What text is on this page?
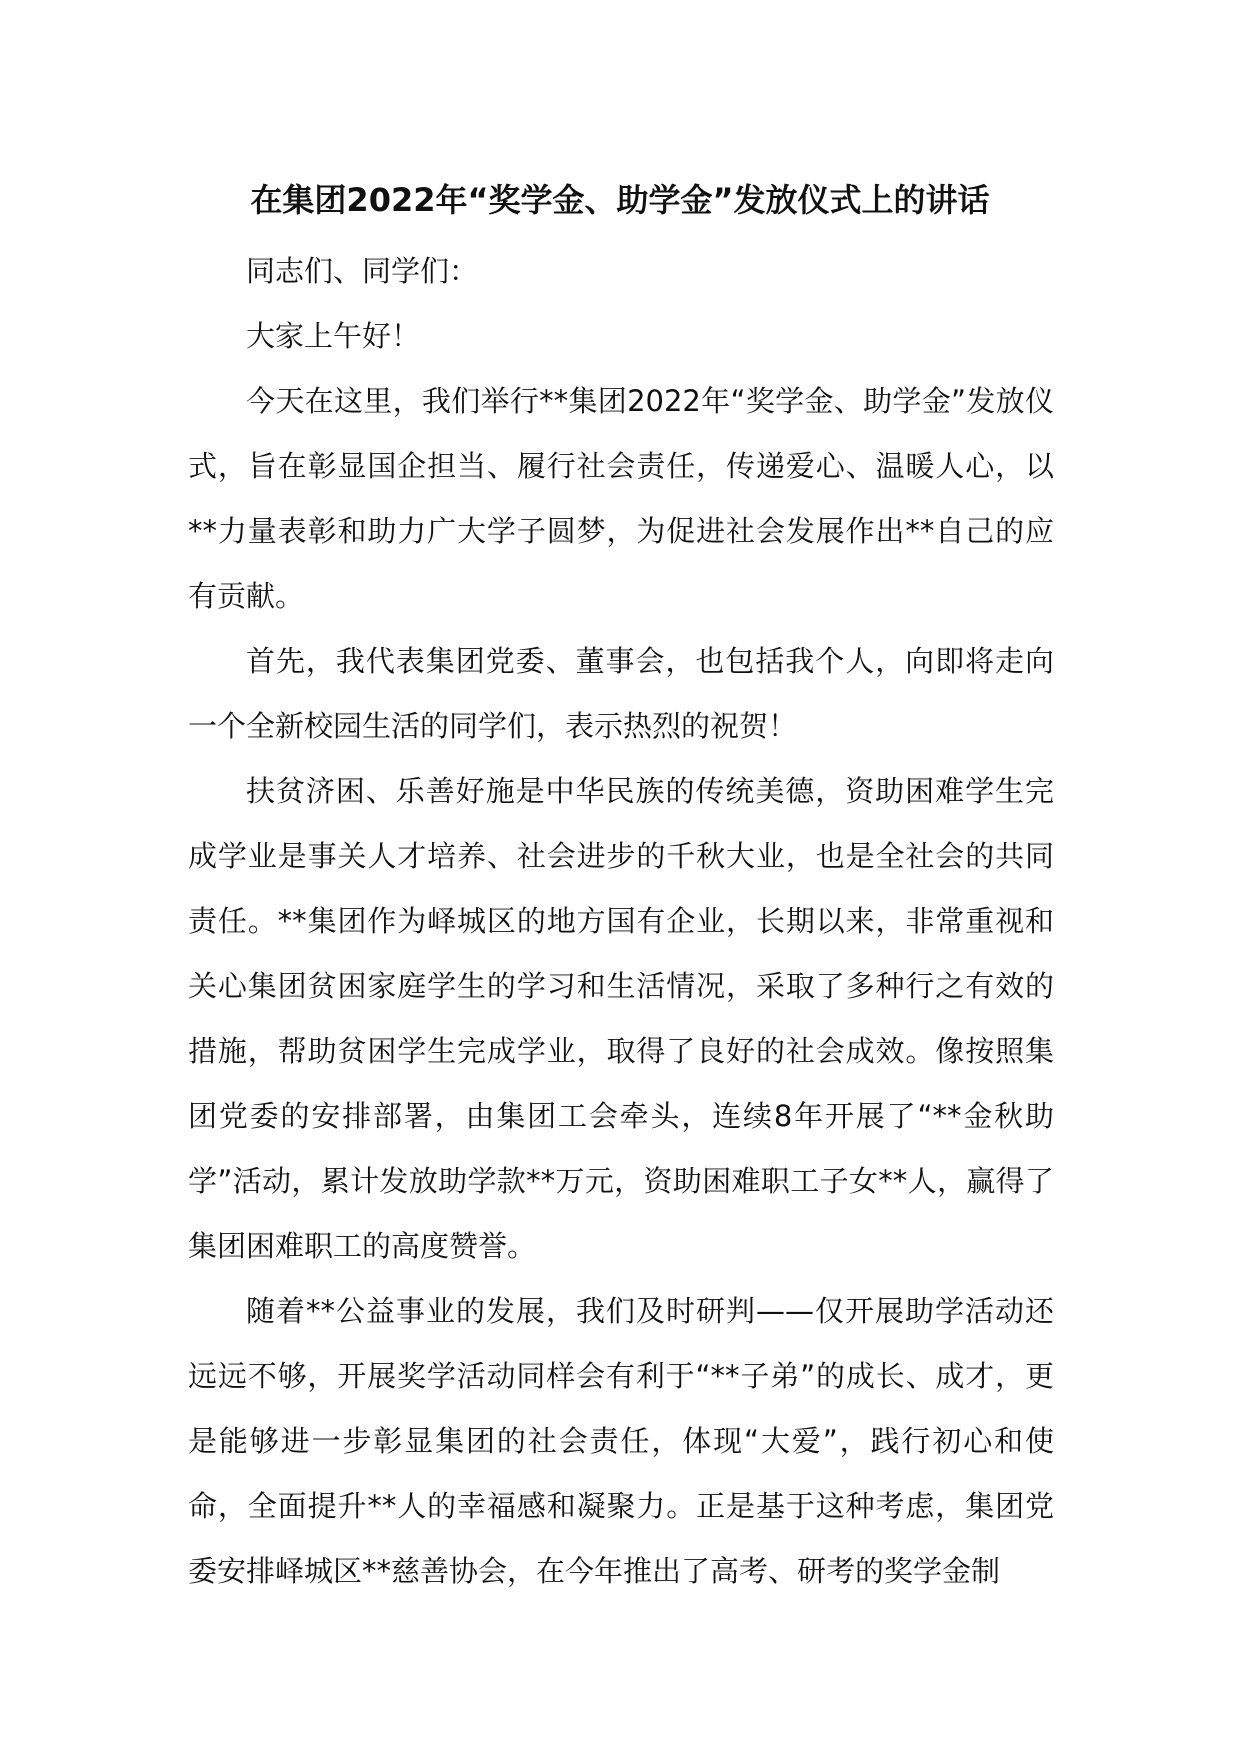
在集团2022年“奖学金、助学金”发放仪式上的讲话

同志们、同学们：

大家上午好！

今天在这里，我们举行**集团2022年“奖学金、助学金”发放仪式，旨在彰显国企担当、履行社会责任，传递爱心、温暖人心，以**力量表彰和助力广大学子圆梦，为促进社会发展作出**自己的应有贡献。

首先，我代表集团党委、董事会，也包括我个人，向即将走向一个全新校园生活的同学们，表示热烈的祝贺！

扶贫济困、乐善好施是中华民族的传统美德，资助困难学生完成学业是事关人才培养、社会进步的千秋大业，也是全社会的共同责任。**集团作为峄城区的地方国有企业，长期以来，非常重视和关心集团贫困家庭学生的学习和生活情况，采取了多种行之有效的措施，帮助贫困学生完成学业，取得了良好的社会成效。像按照集团党委的安排部署，由集团工会牵头，连续8年开展了“**金秋助学”活动，累计发放助学款**万元，资助困难职工子女**人，赢得了集团困难职工的高度赞誉。

随着**公益事业的发展，我们及时研判——仅开展助学活动还远远不够，开展奖学活动同样会有利于“**子弟”的成长、成才，更是能够进一步彰显集团的社会责任，体现“大爱”，践行初心和使命，全面提升**人的幸福感和凝聚力。正是基于这种考虑，集团党委安排峄城区**慈善协会，在今年推出了高考、研考的奖学金制
